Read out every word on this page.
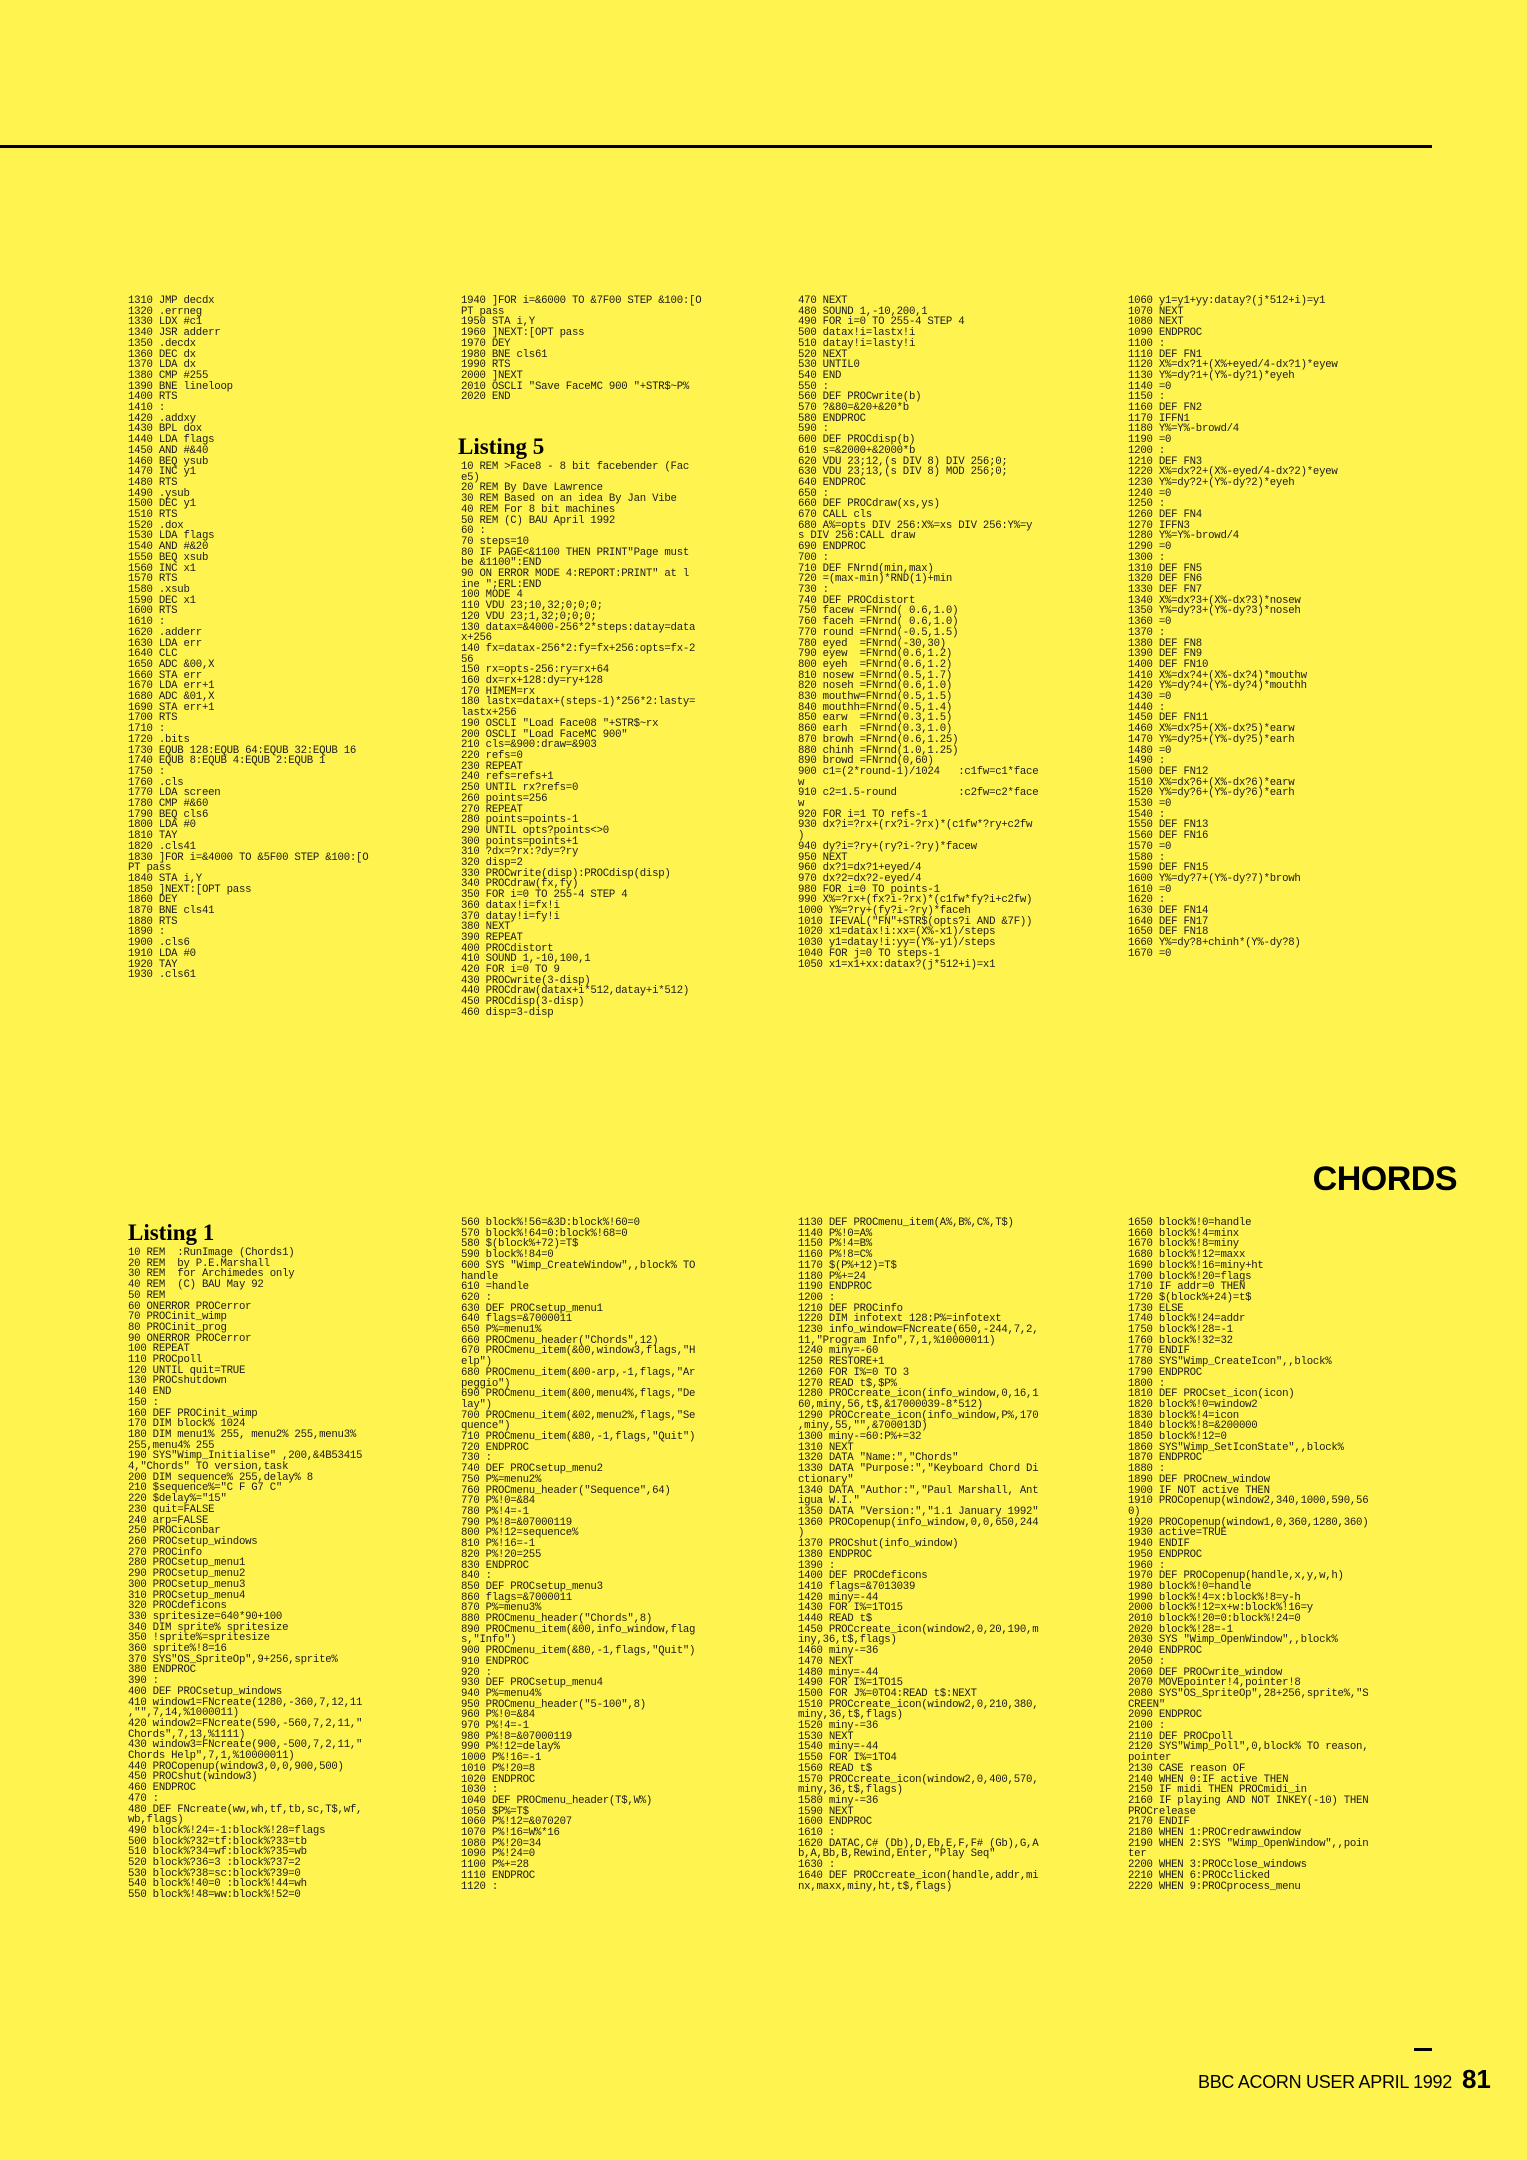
1310 JMP decdx
1320 .errneg
1330 LDX #c1
1340 JSR adderr
1350 .decdx
1360 DEC dx
1370 LDA dx
1380 CMP #255
1390 BNE lineloop
1400 RTS
1410 :
1420 .addxy
1430 BPL dox
1440 LDA flags
1450 AND #&40
1460 BEQ ysub
1470 INC y1
1480 RTS
1490 .ysub
1500 DEC y1
1510 RTS
1520 .dox
1530 LDA flags
1540 AND #&20
1550 BEQ xsub
1560 INC x1
1570 RTS
1580 .xsub
1590 DEC x1
1600 RTS
1610 :
1620 .adderr
1630 LDA err
1640 CLC
1650 ADC &00,X
1660 STA err
1670 LDA err+1
1680 ADC &01,X
1690 STA err+1
1700 RTS
1710 :
1720 .bits
1730 EQUB 128:EQUB 64:EQUB 32:EQUB 16
1740 EQUB 8:EQUB 4:EQUB 2:EQUB 1
1750 :
1760 .cls
1770 LDA screen
1780 CMP #&60
1790 BEQ cls6
1800 LDA #0
1810 TAY
1820 .cls41
1830 ]FOR i=&4000 TO &5F00 STEP &100:[O
PT pass
1840 STA i,Y
1850 ]NEXT:[OPT pass
1860 DEY
1870 BNE cls41
1880 RTS
1890 :
1900 .cls6
1910 LDA #0
1920 TAY
1930 .cls61
1940 ]FOR i=&6000 TO &7F00 STEP &100:[O
PT pass
1950 STA i,Y
1960 ]NEXT:[OPT pass
1970 DEY
1980 BNE cls61
1990 RTS
2000 ]NEXT
2010 OSCLI "Save FaceMC 900 "+STR$~P%
2020 END
Listing 5
10 REM >Face8 - 8 bit facebender (Fac
e5)
20 REM By Dave Lawrence
30 REM Based on an idea By Jan Vibe
40 REM For 8 bit machines
50 REM (C) BAU April 1992
60 :
70 steps=10
80 IF PAGE<&1100 THEN PRINT"Page must
be &1100":END
90 ON ERROR MODE 4:REPORT:PRINT" at l
ine ";ERL:END
100 MODE 4
110 VDU 23;10,32;0;0;0;
120 VDU 23;1,32;0;0;0;
130 datax=&4000-256*2*steps:datay=data
x+256
140 fx=datax-256*2:fy=fx+256:opts=fx-2
56
150 rx=opts-256:ry=rx+64
160 dx=rx+128:dy=ry+128
170 HIMEM=rx
180 lastx=datax+(steps-1)*256*2:lasty=
lastx+256
190 OSCLI "Load Face08 "+STR$~rx
200 OSCLI "Load FaceMC 900"
210 cls=&900:draw=&903
220 refs=0
230 REPEAT
240 refs=refs+1
250 UNTIL rx?refs=0
260 points=256
270 REPEAT
280 points=points-1
290 UNTIL opts?points<>0
300 points=points+1
310 ?dx=?rx:?dy=?ry
320 disp=2
330 PROCwrite(disp):PROCdisp(disp)
340 PROCdraw(fx,fy)
350 FOR i=0 TO 255-4 STEP 4
360 datax!i=fx!i
370 datay!i=fy!i
380 NEXT
390 REPEAT
400 PROCdistort
410 SOUND 1,-10,100,1
420 FOR i=0 TO 9
430 PROCwrite(3-disp)
440 PROCdraw(datax+i*512,datay+i*512)
450 PROCdisp(3-disp)
460 disp=3-disp
470 NEXT
480 SOUND 1,-10,200,1
490 FOR i=0 TO 255-4 STEP 4
500 datax!i=lastx!i
510 datay!i=lasty!i
520 NEXT
530 UNTIL0
540 END
550 :
560 DEF PROCwrite(b)
570 ?&80=&20+&20*b
580 ENDPROC
590 :
600 DEF PROCdisp(b)
610 s=&2000+&2000*b
620 VDU 23;12,(s DIV 8) DIV 256;0;
630 VDU 23;13,(s DIV 8) MOD 256;0;
640 ENDPROC
650 :
660 DEF PROCdraw(xs,ys)
670 CALL cls
680 A%=opts DIV 256:X%=xs DIV 256:Y%=y
s DIV 256:CALL draw
690 ENDPROC
700 :
710 DEF FNrnd(min,max)
720 =(max-min)*RND(1)+min
730 :
740 DEF PROCdistort
750 facew =FNrnd( 0.6,1.0)
760 faceh =FNrnd( 0.6,1.0)
770 round =FNrnd(-0.5,1.5)
780 eyed  =FNrnd(-30,30)
790 eyew  =FNrnd(0.6,1.2)
800 eyeh  =FNrnd(0.6,1.2)
810 nosew =FNrnd(0.5,1.7)
820 noseh =FNrnd(0.6,1.0)
830 mouthw=FNrnd(0.5,1.5)
840 mouthh=FNrnd(0.5,1.4)
850 earw  =FNrnd(0.3,1.5)
860 earh  =FNrnd(0.3,1.0)
870 browh =FNrnd(0.6,1.25)
880 chinh =FNrnd(1.0,1.25)
890 browd =FNrnd(0,60)
900 c1=(2*round-1)/1024   :c1fw=c1*face
w
910 c2=1.5-round          :c2fw=c2*face
w
920 FOR i=1 TO refs-1
930 dx?i=?rx+(rx?i-?rx)*(c1fw*?ry+c2fw
)
940 dy?i=?ry+(ry?i-?ry)*facew
950 NEXT
960 dx?1=dx?1+eyed/4
970 dx?2=dx?2-eyed/4
980 FOR i=0 TO points-1
990 X%=?rx+(fx?i-?rx)*(c1fw*fy?i+c2fw)
1000 Y%=?ry+(fy?i-?ry)*faceh
1010 IFEVAL("FN"+STR$(opts?i AND &7F))
1020 x1=datax!i:xx=(X%-x1)/steps
1030 y1=datay!i:yy=(Y%-y1)/steps
1040 FOR j=0 TO steps-1
1050 x1=x1+xx:datax?(j*512+i)=x1
1060 y1=y1+yy:datay?(j*512+i)=y1
1070 NEXT
1080 NEXT
1090 ENDPROC
1100 :
1110 DEF FN1
1120 X%=dx?1+(X%+eyed/4-dx?1)*eyew
1130 Y%=dy?1+(Y%-dy?1)*eyeh
1140 =0
1150 :
1160 DEF FN2
1170 IFFN1
1180 Y%=Y%-browd/4
1190 =0
1200 :
1210 DEF FN3
1220 X%=dx?2+(X%-eyed/4-dx?2)*eyew
1230 Y%=dy?2+(Y%-dy?2)*eyeh
1240 =0
1250 :
1260 DEF FN4
1270 IFFN3
1280 Y%=Y%-browd/4
1290 =0
1300 :
1310 DEF FN5
1320 DEF FN6
1330 DEF FN7
1340 X%=dx?3+(X%-dx?3)*nosew
1350 Y%=dy?3+(Y%-dy?3)*noseh
1360 =0
1370 :
1380 DEF FN8
1390 DEF FN9
1400 DEF FN10
1410 X%=dx?4+(X%-dx?4)*mouthw
1420 Y%=dy?4+(Y%-dy?4)*mouthh
1430 =0
1440 :
1450 DEF FN11
1460 X%=dx?5+(X%-dx?5)*earw
1470 Y%=dy?5+(Y%-dy?5)*earh
1480 =0
1490 :
1500 DEF FN12
1510 X%=dx?6+(X%-dx?6)*earw
1520 Y%=dy?6+(Y%-dy?6)*earh
1530 =0
1540 :
1550 DEF FN13
1560 DEF FN16
1570 =0
1580 :
1590 DEF FN15
1600 Y%=dy?7+(Y%-dy?7)*browh
1610 =0
1620 :
1630 DEF FN14
1640 DEF FN17
1650 DEF FN18
1660 Y%=dy?8+chinh*(Y%-dy?8)
1670 =0
CHORDS
Listing 1
10 REM  :RunImage (Chords1)
20 REM  by P.E.Marshall
30 REM  for Archimedes only
40 REM  (C) BAU May 92
50 REM
60 ONERROR PROCerror
70 PROCinit_wimp
80 PROCinit_prog
90 ONERROR PROCerror
100 REPEAT
110 PROCpoll
120 UNTIL quit=TRUE
130 PROCshutdown
140 END
150 :
160 DEF PROCinit_wimp
170 DIM block% 1024
180 DIM menu1% 255, menu2% 255,menu3%
255,menu4% 255
190 SYS"Wimp_Initialise" ,200,&4B53415
4,"Chords" TO version,task
200 DIM sequence% 255,delay% 8
210 $sequence%="C F G7 C"
220 $delay%="15"
230 quit=FALSE
240 arp=FALSE
250 PROCiconbar
260 PROCsetup_windows
270 PROCinfo
280 PROCsetup_menu1
290 PROCsetup_menu2
300 PROCsetup_menu3
310 PROCsetup_menu4
320 PROCdeficons
330 spritesize=640*90+100
340 DIM sprite% spritesize
350 !sprite%=spritesize
360 sprite%!8=16
370 SYS"OS_SpriteOp",9+256,sprite%
380 ENDPROC
390 :
400 DEF PROCsetup_windows
410 window1=FNcreate(1280,-360,7,12,11
,"",7,14,%1000011)
420 window2=FNcreate(590,-560,7,2,11,"
Chords",7,13,%1111)
430 window3=FNcreate(900,-500,7,2,11,"
Chords Help",7,1,%10000011)
440 PROCopenup(window3,0,0,900,500)
450 PROCshut(window3)
460 ENDPROC
470 :
480 DEF FNcreate(ww,wh,tf,tb,sc,T$,wf,
wb,flags)
490 block%!24=-1:block%!28=flags
500 block%?32=tf:block%?33=tb
510 block%?34=wf:block%?35=wb
520 block%?36=3 :block%?37=2
530 block%?38=sc:block%?39=0
540 block%!40=0 :block%!44=wh
550 block%!48=ww:block%!52=0
560 block%!56=&3D:block%!60=0
570 block%!64=0:block%!68=0
580 $(block%+72)=T$
590 block%!84=0
600 SYS "Wimp_CreateWindow",,block% TO
handle
610 =handle
620 :
630 DEF PROCsetup_menu1
640 flags=&7000011
650 P%=menu1%
660 PROCmenu_header("Chords",12)
670 PROCmenu_item(&00,window3,flags,"H
elp")
680 PROCmenu_item(&00-arp,-1,flags,"Ar
peggio")
690 PROCmenu_item(&00,menu4%,flags,"De
lay")
700 PROCmenu_item(&02,menu2%,flags,"Se
quence")
710 PROCmenu_item(&80,-1,flags,"Quit")
720 ENDPROC
730 :
740 DEF PROCsetup_menu2
750 P%=menu2%
760 PROCmenu_header("Sequence",64)
770 P%!0=&84
780 P%!4=-1
790 P%!8=&07000119
800 P%!12=sequence%
810 P%!16=-1
820 P%!20=255
830 ENDPROC
840 :
850 DEF PROCsetup_menu3
860 flags=&7000011
870 P%=menu3%
880 PROCmenu_header("Chords",8)
890 PROCmenu_item(&00,info_window,flag
s,"Info")
900 PROCmenu_item(&80,-1,flags,"Quit")
910 ENDPROC
920 :
930 DEF PROCsetup_menu4
940 P%=menu4%
950 PROCmenu_header("5-100",8)
960 P%!0=&84
970 P%!4=-1
980 P%!8=&07000119
990 P%!12=delay%
1000 P%!16=-1
1010 P%!20=8
1020 ENDPROC
1030 :
1040 DEF PROCmenu_header(T$,W%)
1050 $P%=T$
1060 P%!12=&070207
1070 P%!16=W%*16
1080 P%!20=34
1090 P%!24=0
1100 P%+=28
1110 ENDPROC
1120 :
1130 DEF PROCmenu_item(A%,B%,C%,T$)
1140 P%!0=A%
1150 P%!4=B%
1160 P%!8=C%
1170 $(P%+12)=T$
1180 P%+=24
1190 ENDPROC
1200 :
1210 DEF PROCinfo
1220 DIM infotext 128:P%=infotext
1230 info_window=FNcreate(650,-244,7,2,
11,"Program Info",7,1,%10000011)
1240 miny=-60
1250 RESTORE+1
1260 FOR I%=0 TO 3
1270 READ t$,$P%
1280 PROCcreate_icon(info_window,0,16,1
60,miny,56,t$,&17000039-8*512)
1290 PROCcreate_icon(info_window,P%,170
,miny,55,"",&700013D)
1300 miny-=60:P%+=32
1310 NEXT
1320 DATA "Name:","Chords"
1330 DATA "Purpose:","Keyboard Chord Di
ctionary"
1340 DATA "Author:","Paul Marshall, Ant
igua W.I."
1350 DATA "Version:","1.1 January 1992"
1360 PROCopenup(info_window,0,0,650,244
)
1370 PROCshut(info_window)
1380 ENDPROC
1390 :
1400 DEF PROCdeficons
1410 flags=&7013039
1420 miny=-44
1430 FOR I%=1TO15
1440 READ t$
1450 PROCcreate_icon(window2,0,20,190,m
iny,36,t$,flags)
1460 miny-=36
1470 NEXT
1480 miny=-44
1490 FOR I%=1TO15
1500 FOR J%=0TO4:READ t$:NEXT
1510 PROCcreate_icon(window2,0,210,380,
miny,36,t$,flags)
1520 miny-=36
1530 NEXT
1540 miny=-44
1550 FOR I%=1TO4
1560 READ t$
1570 PROCcreate_icon(window2,0,400,570,
miny,36,t$,flags)
1580 miny-=36
1590 NEXT
1600 ENDPROC
1610 :
1620 DATAC,C# (Db),D,Eb,E,F,F# (Gb),G,A
b,A,Bb,B,Rewind,Enter,"Play Seq"
1630 :
1640 DEF PROCcreate_icon(handle,addr,mi
nx,maxx,miny,ht,t$,flags)
1650 block%!0=handle
1660 block%!4=minx
1670 block%!8=miny
1680 block%!12=maxx
1690 block%!16=miny+ht
1700 block%!20=flags
1710 IF addr=0 THEN
1720 $(block%+24)=t$
1730 ELSE
1740 block%!24=addr
1750 block%!28=-1
1760 block%!32=32
1770 ENDIF
1780 SYS"Wimp_CreateIcon",,block%
1790 ENDPROC
1800 :
1810 DEF PROCset_icon(icon)
1820 block%!0=window2
1830 block%!4=icon
1840 block%!8=&200000
1850 block%!12=0
1860 SYS"Wimp_SetIconState",,block%
1870 ENDPROC
1880 :
1890 DEF PROCnew_window
1900 IF NOT active THEN
1910 PROCopenup(window2,340,1000,590,56
0)
1920 PROCopenup(window1,0,360,1280,360)
1930 active=TRUE
1940 ENDIF
1950 ENDPROC
1960 :
1970 DEF PROCopenup(handle,x,y,w,h)
1980 block%!0=handle
1990 block%!4=x:block%!8=y-h
2000 block%!12=x+w:block%!16=y
2010 block%!20=0:block%!24=0
2020 block%!28=-1
2030 SYS "Wimp_OpenWindow",,block%
2040 ENDPROC
2050 :
2060 DEF PROCwrite_window
2070 MOVEpointer!4,pointer!8
2080 SYS"OS_SpriteOp",28+256,sprite%,"S
CREEN"
2090 ENDPROC
2100 :
2110 DEF PROCpoll
2120 SYS"Wimp_Poll",0,block% TO reason,
pointer
2130 CASE reason OF
2140 WHEN 0:IF active THEN
2150 IF midi THEN PROCmidi_in
2160 IF playing AND NOT INKEY(-10) THEN
PROCrelease
2170 ENDIF
2180 WHEN 1:PROCredrawwindow
2190 WHEN 2:SYS "Wimp_OpenWindow",,poin
ter
2200 WHEN 3:PROCclose_windows
2210 WHEN 6:PROCclicked
2220 WHEN 9:PROCprocess_menu
BBC ACORN USER APRIL 1992 81
